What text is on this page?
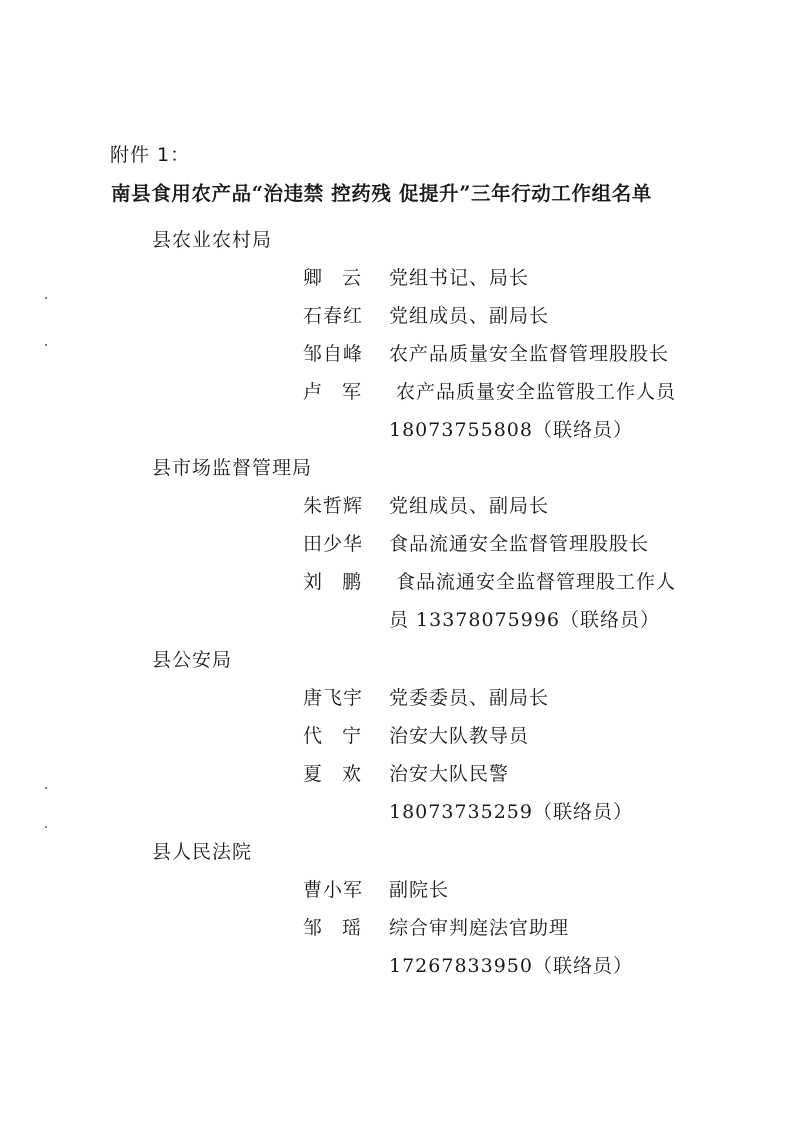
附件 1：
南县食用农产品“治违禁 控药残 促提升”三年行动工作组名单
县农业农村局
卿云 党组书记、局长
石春红 党组成员、副局长
邹自峰 农产品质量安全监督管理股股长
卢军 农产品质量安全监管股工作人员
18073755808（联络员）
县市场监督管理局
朱哲辉 党组成员、副局长
田少华 食品流通安全监督管理股股长
刘鹏 食品流通安全监督管理股工作人
员 13378075996（联络员）
县公安局
唐飞宇 党委委员、副局长
代宁 治安大队教导员
夏欢 治安大队民警
18073735259（联络员）
县人民法院
曹小军 副院长
邹瑶 综合审判庭法官助理
17267833950（联络员）
